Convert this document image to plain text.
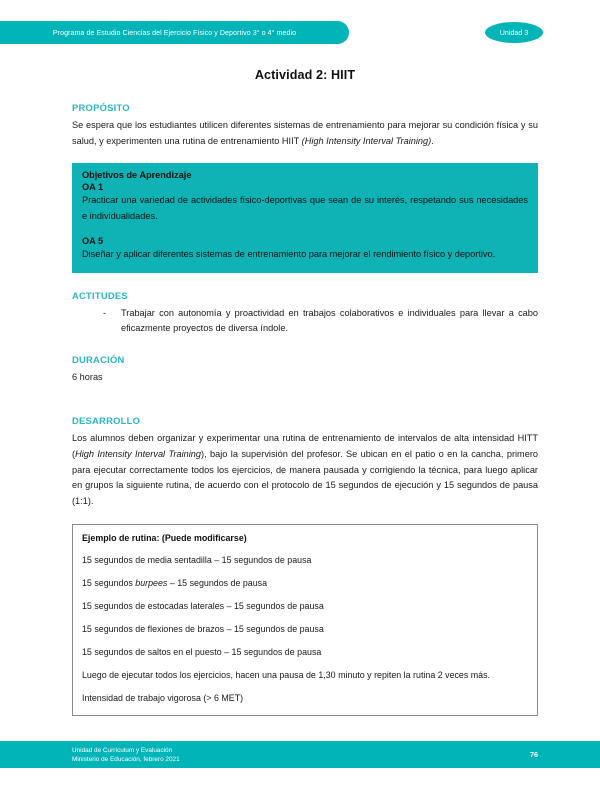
Programa de Estudio Ciencias del Ejercicio Físico y Deportivo 3° o 4° medio	Unidad 3
Actividad 2: HIIT
PROPÓSITO

Se espera que los estudiantes utilicen diferentes sistemas de entrenamiento para mejorar su condición física y su salud, y experimenten una rutina de entrenamiento HIIT (High Intensity Interval Training).

Objetivos de Aprendizaje
OA 1

Practicar una variedad de actividades físico-deportivas que sean de su interés, respetando sus necesidades e individualidades.

OA 5

Diseñar y aplicar diferentes sistemas de entrenamiento para mejorar el rendimiento físico y deportivo.

ACTITUDES
-	Trabajar con autonomía y proactividad en trabajos colaborativos e individuales para llevar a cabo eficazmente proyectos de diversa índole.
DURACIÓN

6 horas

DESARROLLO

Los alumnos deben organizar y experimentar una rutina de entrenamiento de intervalos de alta intensidad HITT (High Intensity Interval Training), bajo la supervisión del profesor. Se ubican en el patio o en la cancha, primero para ejecutar correctamente todos los ejercicios, de manera pausada y corrigiendo la técnica, para luego aplicar en grupos la siguiente rutina, de acuerdo con el protocolo de 15 segundos de ejecución y 15 segundos de pausa (1:1).

Ejemplo de rutina: (Puede modificarse)
15 segundos de media sentadilla – 15 segundos de pausa
15 segundos burpees – 15 segundos de pausa
15 segundos de estocadas laterales – 15 segundos de pausa
15 segundos de flexiones de brazos – 15 segundos de pausa
15 segundos de saltos en el puesto – 15 segundos de pausa
Luego de ejecutar todos los ejercicios, hacen una pausa de 1,30 minuto y repiten la rutina 2 veces más.
Intensidad de trabajo vigorosa (> 6 MET)
Unidad de Currículum y Evaluación
Ministerio de Educación, febrero 2021
76
